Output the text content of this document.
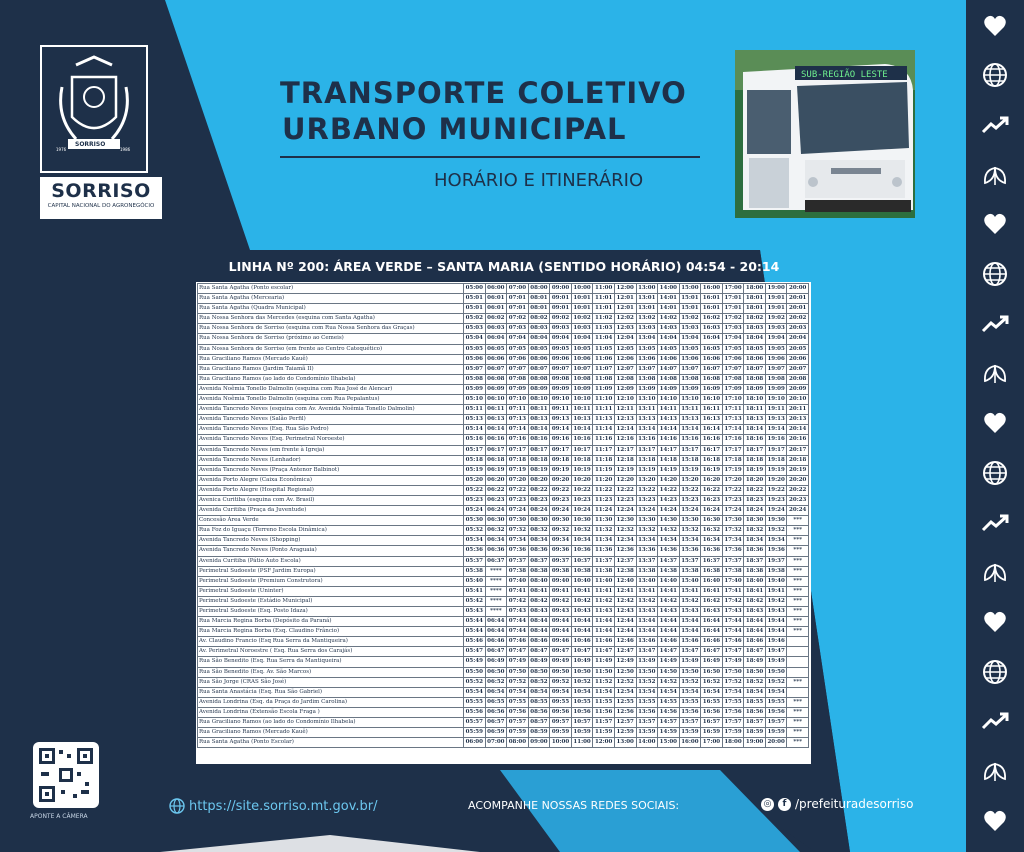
SORRISO
1976	1986
SORRISO
CAPITAL NACIONAL DO AGRONEGÓCIO
TRANSPORTE COLETIVO
URBANO MUNICIPAL
HORÁRIO E ITINERÁRIO
SUB-REGIÃO LESTE
LINHA Nº 200: ÁREA VERDE – SANTA MARIA (SENTIDO HORÁRIO) 04:54 - 20:14
Rua Santa Agatha (Ponto escolar)	05:00	06:00	07:00	08:00	09:00	10:00	11:00	12:00	13:00	14:00	15:00	16:00	17:00	18:00	19:00	20:00
Rua Santa Agatha (Mercearia)	05:01	06:01	07:01	08:01	09:01	10:01	11:01	12:01	13:01	14:01	15:01	16:01	17:01	18:01	19:01	20:01
Rua Santa Agatha (Quadra Municipal)	05:01	06:01	07:01	08:01	09:01	10:01	11:01	12:01	13:01	14:01	15:01	16:01	17:01	18:01	19:01	20:01
Rua Nossa Senhora das Mercedes (esquina com Santa Agatha)	05:02	06:02	07:02	08:02	09:02	10:02	11:02	12:02	13:02	14:02	15:02	16:02	17:02	18:02	19:02	20:02
Rua Nossa Senhora de Sorriso (esquina com Rua Nossa Senhora das Graças)	05:03	06:03	07:03	08:03	09:03	10:03	11:03	12:03	13:03	14:03	15:03	16:03	17:03	18:03	19:03	20:03
Rua Nossa Senhora de Sorriso (próximo ao Cemeis)	05:04	06:04	07:04	08:04	09:04	10:04	11:04	12:04	13:04	14:04	15:04	16:04	17:04	18:04	19:04	20:04
Rua Nossa Senhora de Sorriso (em frente ao Centro Catequético)	05:05	06:05	07:05	08:05	09:05	10:05	11:05	12:05	13:05	14:05	15:05	16:05	17:05	18:05	19:05	20:05
Rua Graciliano Ramos (Mercado Kauê)	05:06	06:06	07:06	08:06	09:06	10:06	11:06	12:06	13:06	14:06	15:06	16:06	17:06	18:06	19:06	20:06
Rua Graciliano Ramos (Jardim Taiamã II)	05:07	06:07	07:07	08:07	09:07	10:07	11:07	12:07	13:07	14:07	15:07	16:07	17:07	18:07	19:07	20:07
Rua Graciliano Ramos (ao lado do Condomínio Ilhabela)	05:08	06:08	07:08	08:08	09:08	10:08	11:08	12:08	13:08	14:08	15:08	16:08	17:08	18:08	19:08	20:08
Avenida Noêmia Tonello Dalmolin (esquina com Rua José de Alencar)	05:09	06:09	07:09	08:09	09:09	10:09	11:09	12:09	13:09	14:09	15:09	16:09	17:09	18:09	19:09	20:09
Avenida Noêmia Tonello Dalmolin (esquina com Rua Pepalantus)	05:10	06:10	07:10	08:10	09:10	10:10	11:10	12:10	13:10	14:10	15:10	16:10	17:10	18:10	19:10	20:10
Avenida Tancredo Neves (esquina com Av. Avenida Noêmia Tonello Dalmolin)	05:11	06:11	07:11	08:11	09:11	10:11	11:11	12:11	13:11	14:11	15:11	16:11	17:11	18:11	19:11	20:11
Avenida Tancredo Neves (Salão Perfil)	05:13	06:13	07:13	08:13	09:13	10:13	11:13	12:13	13:13	14:13	15:13	16:13	17:13	18:13	19:13	20:13
Avenida Tancredo Neves (Esq. Rua São Pedro)	05:14	06:14	07:14	08:14	09:14	10:14	11:14	12:14	13:14	14:14	15:14	16:14	17:14	18:14	19:14	20:14
Avenida Tancredo Neves (Esq. Perimetral Noroeste)	05:16	06:16	07:16	08:16	09:16	10:16	11:16	12:16	13:16	14:16	15:16	16:16	17:16	18:16	19:16	20:16
Avenida Tancredo Neves (em frente à Igreja)	05:17	06:17	07:17	08:17	09:17	10:17	11:17	12:17	13:17	14:17	15:17	16:17	17:17	18:17	19:17	20:17
Avenida Tancredo Neves (Lenhador)	05:18	06:18	07:18	08:18	09:18	10:18	11:18	12:18	13:18	14:18	15:18	16:18	17:18	18:18	19:18	20:18
Avenida Tancredo Neves (Praça Antenor Balbinot)	05:19	06:19	07:19	08:19	09:19	10:19	11:19	12:19	13:19	14:19	15:19	16:19	17:19	18:19	19:19	20:19
Avenida Porto Alegre (Caixa Econômica)	05:20	06:20	07:20	08:20	09:20	10:20	11:20	12:20	13:20	14:20	15:20	16:20	17:20	18:20	19:20	20:20
Avenida Porto Alegre (Hospital Regional)	05:22	06:22	07:22	08:22	09:22	10:22	11:22	12:22	13:22	14:22	15:22	16:22	17:22	18:22	19:22	20:22
Avenica Curitiba (esquina com Av. Brasil)	05:23	06:23	07:23	08:23	09:23	10:23	11:23	12:23	13:23	14:23	15:23	16:23	17:23	18:23	19:23	20:23
Avenida Curitiba (Praça da Juventude)	05:24	06:24	07:24	08:24	09:24	10:24	11:24	12:24	13:24	14:24	15:24	16:24	17:24	18:24	19:24	20:24
Concesão Área Verde	05:30	06:30	07:30	08:30	09:30	10:30	11:30	12:30	13:30	14:30	15:30	16:30	17:30	18:30	19:30	***
Rua Foz do Iguaçu (Terreno Escola Dinâmica)	05:32	06:32	07:32	08:32	09:32	10:32	11:32	12:32	13:32	14:32	15:32	16:32	17:32	18:32	19:32	***
Avenida Tancredo Neves (Shopping)	05:34	06:34	07:34	08:34	09:34	10:34	11:34	12:34	13:34	14:34	15:34	16:34	17:34	18:34	19:34	***
Avenida Tancredo Neves (Ponto Araguaia)	05:36	06:36	07:36	08:36	09:36	10:36	11:36	12:36	13:36	14:36	15:36	16:36	17:36	18:36	19:36	***
Avenida Curitiba (Pátio Auto Escola)	05:37	06:37	07:37	08:37	09:37	10:37	11:37	12:37	13:37	14:37	15:37	16:37	17:37	18:37	19:37	***
Perimetral Sudoeste (PSF Jardim Europa)	05:38	****	07:38	08:38	09:38	10:38	11:38	12:38	13:38	14:38	15:38	16:38	17:38	18:38	19:38	***
Perimetral Sudoeste (Premium Construtora)	05:40	****	07:40	08:40	09:40	10:40	11:40	12:40	13:40	14:40	15:40	16:40	17:40	18:40	19:40	***
Perimetral Sudoeste (Uninter)	05:41	****	07:41	08:41	09:41	10:41	11:41	12:41	13:41	14:41	15:41	16:41	17:41	18:41	19:41	***
Perimetral Sudoeste (Estádio Municipal)	05:42	****	07:42	08:42	09:42	10:42	11:42	12:42	13:42	14:42	15:42	16:42	17:42	18:42	19:42	***
Perimetral Sudoeste (Esq. Posto Idaza)	05:43	****	07:43	08:43	09:43	10:43	11:43	12:43	13:43	14:43	15:43	16:43	17:43	18:43	19:43	***
Rua Marcia Regina Borba (Depósito da Paraná)	05:44	06:44	07:44	08:44	09:44	10:44	11:44	12:44	13:44	14:44	15:44	16:44	17:44	18:44	19:44	***
Rua Marcia Regina Borba (Esq. Claudino Frâncio)	05:44	06:44	07:44	08:44	09:44	10:44	11:44	12:44	13:44	14:44	15:44	16:44	17:44	18:44	19:44	***
Av. Claudino Francio (Esq Rua Serra da Mantiqueira)	05:46	06:46	07:46	08:46	09:46	10:46	11:46	12:46	13:46	14:46	15:46	16:46	17:46	18:46	19:46	
Av. Perimetral Noroestre ( Esq. Rua Serra dos Carajás)	05:47	06:47	07:47	08:47	09:47	10:47	11:47	12:47	13:47	14:47	15:47	16:47	17:47	18:47	19:47	
Rua São Benedito (Esq. Rua Serra da Mantiqueira)	05:49	06:49	07:49	08:49	09:49	10:49	11:49	12:49	13:49	14:49	15:49	16:49	17:49	18:49	19:49	
Rua São Benedito (Esq. Av. São Marcos)	05:50	06:50	07:50	08:50	09:50	10:50	11:50	12:50	13:50	14:50	15:50	16:50	17:50	18:50	19:50	
Rua São Jorge (CRAS São José)	05:52	06:52	07:52	08:52	09:52	10:52	11:52	12:52	13:52	14:52	15:52	16:52	17:52	18:52	19:52	***
Rua Santa Anastácia (Esq. Rua São Gabriel)	05:54	06:54	07:54	08:54	09:54	10:54	11:54	12:54	13:54	14:54	15:54	16:54	17:54	18:54	19:54	
Avenida Londrina (Esq. da Praça do Jardim Carolina)	05:55	06:55	07:55	08:55	09:55	10:55	11:55	12:55	13:55	14:55	15:55	16:55	17:55	18:55	19:55	***
Avenida Londrina (Extensão Escola Fraga )	05:56	06:56	07:56	08:56	09:56	10:56	11:56	12:56	13:56	14:56	15:56	16:56	17:56	18:56	19:56	***
Rua Graciliano Ramos (ao lado do Condomínio Ilhabela)	05:57	06:57	07:57	08:57	09:57	10:57	11:57	12:57	13:57	14:57	15:57	16:57	17:57	18:57	19:57	***
Rua Graciliano Ramos (Mercado Kauê)	05:59	06:59	07:59	08:59	09:59	10:59	11:59	12:59	13:59	14:59	15:59	16:59	17:59	18:59	19:59	***
Rua Santa Agatha (Ponto Escolar)	06:00	07:00	08:00	09:00	10:00	11:00	12:00	13:00	14:00	15:00	16:00	17:00	18:00	19:00	20:00	***
APONTE A CÂMERA
https://site.sorriso.mt.gov.br/	ACOMPANHE NOSSAS REDES SOCIAIS:	◎	f /prefeituradesorriso
